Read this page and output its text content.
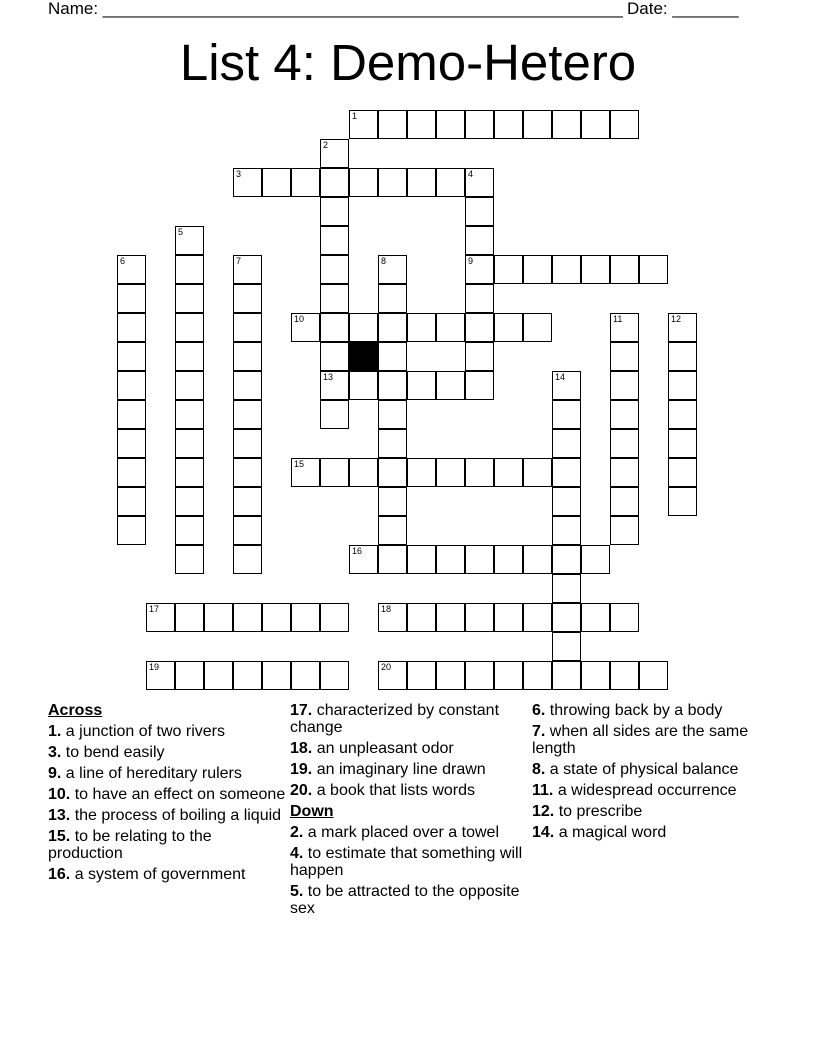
Name: _______________________________________________________ Date: _______
List 4: Demo-Hetero
1
2
13
3	4
9
5
6	7	8
10	11	12
14
15
16
17	18
19	20
Across
1. a junction of two rivers
3. to bend easily
9. a line of hereditary rulers
10. to have an effect on someone
13. the process of boiling a liquid
15. to be relating to the production
16. a system of government
17. characterized by constant change
18. an unpleasant odor
19. an imaginary line drawn
20. a book that lists words
Down
2. a mark placed over a towel
4. to estimate that something will happen
5. to be attracted to the opposite sex
6. throwing back by a body
7. when all sides are the same length
8. a state of physical balance
11. a widespread occurrence
12. to prescribe
14. a magical word
